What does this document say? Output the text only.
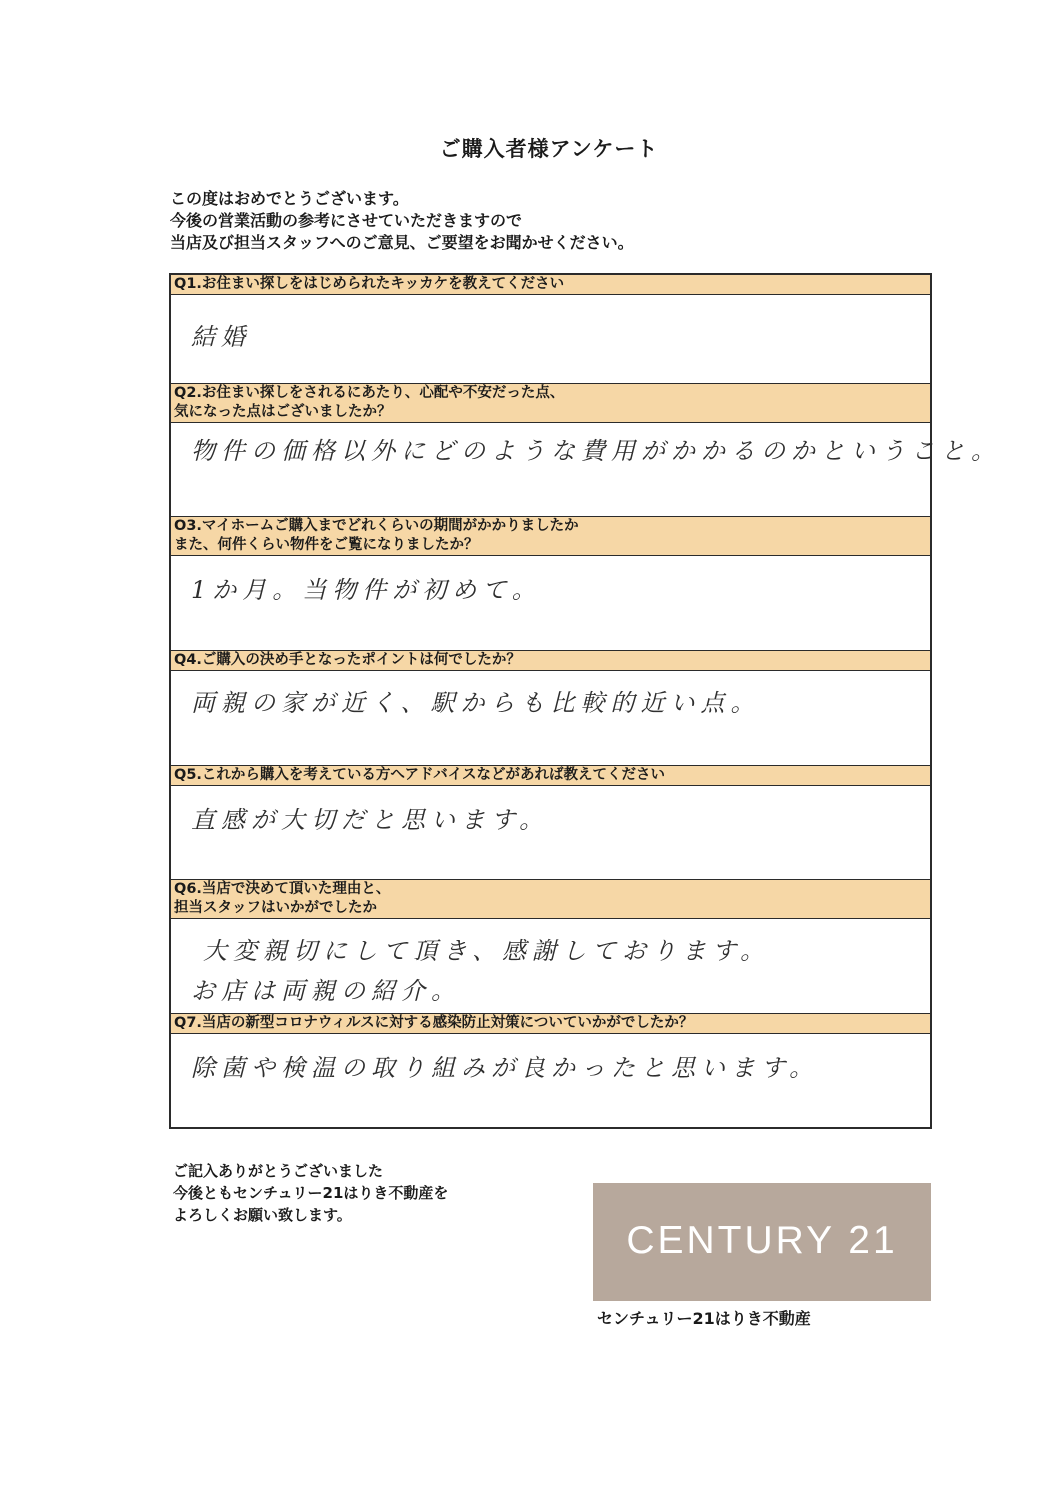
ご購入者様アンケート
この度はおめでとうございます。
今後の営業活動の参考にさせていただきますので
当店及び担当スタッフへのご意見、ご要望をお聞かせください。
Q1.お住まい探しをはじめられたキッカケを教えてください
結婚
Q2.お住まい探しをされるにあたり、心配や不安だった点、
気になった点はございましたか？
物件の価格以外にどのような費用がかかるのかということ。
O3.マイホームご購入までどれくらいの期間がかかりましたか
また、何件くらい物件をご覧になりましたか？
1か月。当物件が初めて。
Q4.ご購入の決め手となったポイントは何でしたか？
両親の家が近く、駅からも比較的近い点。
Q5.これから購入を考えている方へアドバイスなどがあれば教えてください
直感が大切だと思います。
Q6.当店で決めて頂いた理由と、
担当スタッフはいかがでしたか
大変親切にして頂き、感謝しております。
お店は両親の紹介。
Q7.当店の新型コロナウィルスに対する感染防止対策についていかがでしたか？
除菌や検温の取り組みが良かったと思います。
ご記入ありがとうございました
今後ともセンチュリー21はりき不動産を
よろしくお願い致します。
CENTURY 21
センチュリー21はりき不動産
